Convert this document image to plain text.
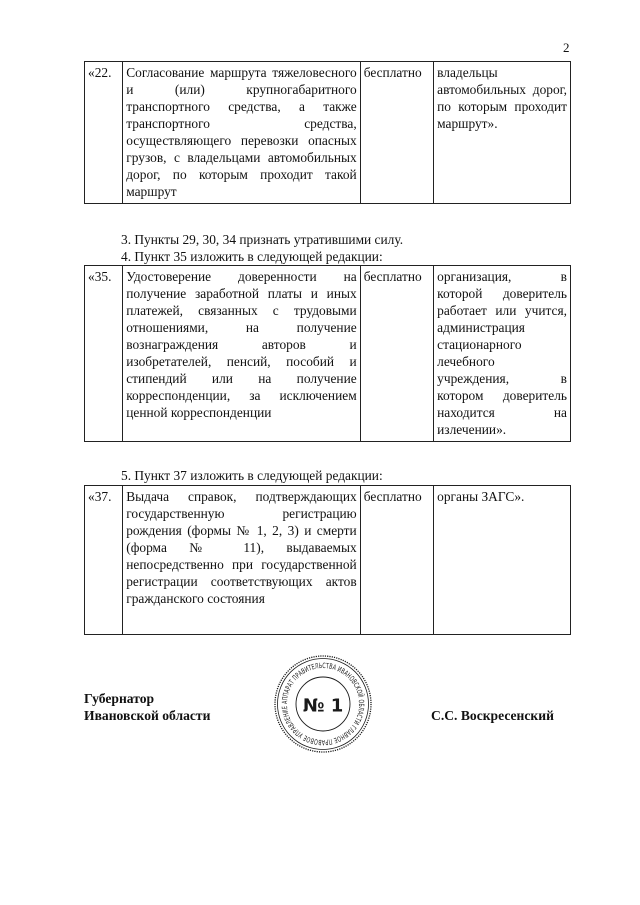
2
«22.	Согласование маршрута тяжеловесного и (или) крупногабаритного транспортного средства, а также транспортного средства, осуществляющего перевозки опасных грузов, с владельцами автомобильных дорог, по которым проходит такой маршрут	бесплатно	владельцы автомобильных дорог, по которым проходит маршрут».
3. Пункты 29, 30, 34 признать утратившими силу.
4. Пункт 35 изложить в следующей редакции:
«35.	Удостоверение доверенности на получение заработной платы и иных платежей, связанных с трудовыми отношениями, на получение вознаграждения авторов и изобретателей, пенсий, пособий и стипендий или на получение корреспонденции, за исключением ценной корреспонденции	бесплатно	организация, в которой доверитель работает или учится, администрация стационарного лечебного учреждения, в котором доверитель находится на излечении».
5. Пункт 37 изложить в следующей редакции:
«37.	Выдача справок, подтверждающих государственную регистрацию рождения (формы № 1, 2, 3) и смерти (форма № 11), выдаваемых непосредственно при государственной регистрации соответствующих актов гражданского состояния	бесплатно	органы ЗАГС».
Губернатор
Ивановской области	С.С. Воскресенский
АППАРАТ ПРАВИТЕЛЬСТВА ИВАНОВСКОЙ ОБЛАСТИ ГЛАВНОЕ ПРАВОВОЕ УПРАВЛЕНИЕ № 1
